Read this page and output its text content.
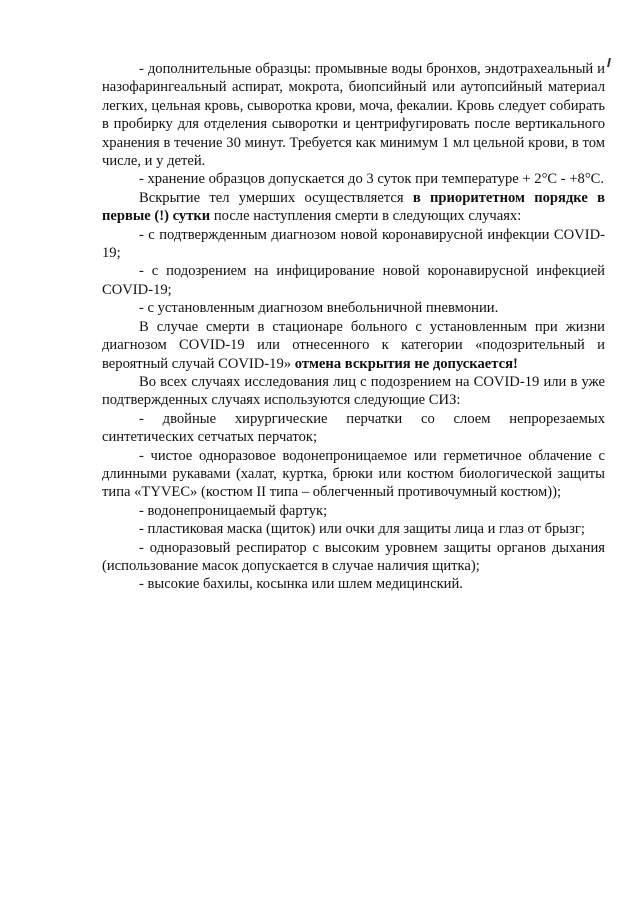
- дополнительные образцы: промывные воды бронхов, эндотрахеальный и назофарингеальный аспират, мокрота, биопсийный или аутопсийный материал легких, цельная кровь, сыворотка крови, моча, фекалии. Кровь следует собирать в пробирку для отделения сыворотки и центрифугировать после вертикального хранения в течение 30 минут. Требуется как минимум 1 мл цельной крови, в том числе, и у детей.

- хранение образцов допускается до 3 суток при температуре + 2°С - +8°С.

Вскрытие тел умерших осуществляется в приоритетном порядке в первые (!) сутки после наступления смерти в следующих случаях:

- с подтвержденным диагнозом новой коронавирусной инфекции COVID-19;

- с подозрением на инфицирование новой коронавирусной инфекцией COVID-19;

- с установленным диагнозом внебольничной пневмонии.

В случае смерти в стационаре больного с установленным при жизни диагнозом COVID-19 или отнесенного к категории «подозрительный и вероятный случай COVID-19» отмена вскрытия не допускается!

Во всех случаях исследования лиц с подозрением на COVID-19 или в уже подтвержденных случаях используются следующие СИЗ:

- двойные хирургические перчатки со слоем непрорезаемых синтетических сетчатых перчаток;

- чистое одноразовое водонепроницаемое или герметичное облачение с длинными рукавами (халат, куртка, брюки или костюм биологической защиты типа «TYVEC» (костюм II типа – облегченный противочумный костюм));

- водонепроницаемый фартук;

- пластиковая маска (щиток) или очки для защиты лица и глаз от брызг;

- одноразовый респиратор с высоким уровнем защиты органов дыхания (использование масок допускается в случае наличия щитка);

- высокие бахилы, косынка или шлем медицинский.
